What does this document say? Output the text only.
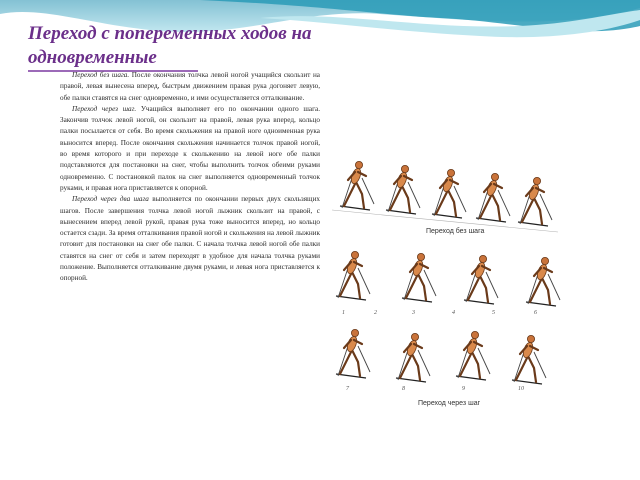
Переход с попеременных ходов на
одновременные

Переход без шага. После окончания толчка левой ногой учащийся скользит на правой, левая вынесена вперед, быстрым движением правая рука догоняет левую, обе палки ставятся на снег одновременно, и ими осуществляется отталкивание.

Переход через шаг. Учащийся выполняет его по окончании одного шага. Закончив толчок левой ногой, он скользит на правой, левая рука вперед, кольцо палки посылается от себя. Во время скольжения на правой ноге одноименная рука выносится вперед. После окончания скольжения начинается толчок правой ногой, во время которого и при переходе к скольжению на левой ноге обе палки подставляются для постановки на снег, чтобы выполнить толчок обеими руками одновременно. С постановкой палок на снег выполняется одновременный толчок руками, и правая нога приставляется к опорной.

Переход через два шага выполняется по окончании первых двух скользящих шагов. После завершения толчка левой ногой лыжник скользит на правой, с вынесением вперед левой рукой, правая рука тоже выносится вперед, но кольцо остается сзади. За время отталкивания правой ногой и скольжения на левой лыжник готовит для постановки на снег обе палки. С начала толчка левой ногой обе палки ставятся на снег от себя и затем переходят в удобное для начала толчка руками положение. Выполняется отталкивание двумя руками, и левая нога приставляется к опорной.

Переход без шага
Переход через шаг
1	2	3	4	5	6
7	8	9	10
